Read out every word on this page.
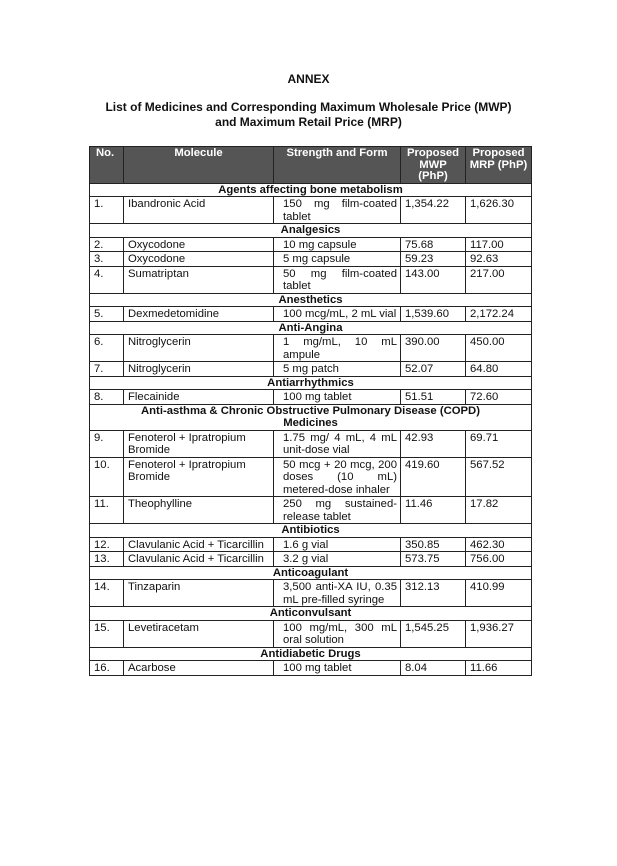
ANNEX
List of Medicines and Corresponding Maximum Wholesale Price (MWP)
and Maximum Retail Price (MRP)
No.	Molecule	Strength and Form	Proposed MWP (PhP)	Proposed MRP (PhP)
Agents affecting bone metabolism				
1.	Ibandronic Acid	150 mg film-coated tablet	1,354.22	1,626.30
Analgesics				
2.	Oxycodone	10 mg capsule	75.68	117.00
3.	Oxycodone	5 mg capsule	59.23	92.63
4.	Sumatriptan	50 mg film-coated tablet	143.00	217.00
Anesthetics				
5.	Dexmedetomidine	100 mcg/mL, 2 mL vial	1,539.60	2,172.24
Anti-Angina				
6.	Nitroglycerin	1 mg/mL, 10 mL ampule	390.00	450.00
7.	Nitroglycerin	5 mg patch	52.07	64.80
Antiarrhythmics				
8.	Flecainide	100 mg tablet	51.51	72.60
Anti-asthma & Chronic Obstructive Pulmonary Disease (COPD) Medicines				
9.	Fenoterol + Ipratropium Bromide	1.75 mg/ 4 mL, 4 mL unit-dose vial	42.93	69.71
10.	Fenoterol + Ipratropium Bromide	50 mcg + 20 mcg, 200 doses (10 mL) metered-dose inhaler	419.60	567.52
11.	Theophylline	250 mg sustained-release tablet	11.46	17.82
Antibiotics				
12.	Clavulanic Acid + Ticarcillin	1.6 g vial	350.85	462.30
13.	Clavulanic Acid + Ticarcillin	3.2 g vial	573.75	756.00
Anticoagulant				
14.	Tinzaparin	3,500 anti-XA IU, 0.35 mL pre-filled syringe	312.13	410.99
Anticonvulsant				
15.	Levetiracetam	100 mg/mL, 300 mL oral solution	1,545.25	1,936.27
Antidiabetic Drugs				
16.	Acarbose	100 mg tablet	8.04	11.66
